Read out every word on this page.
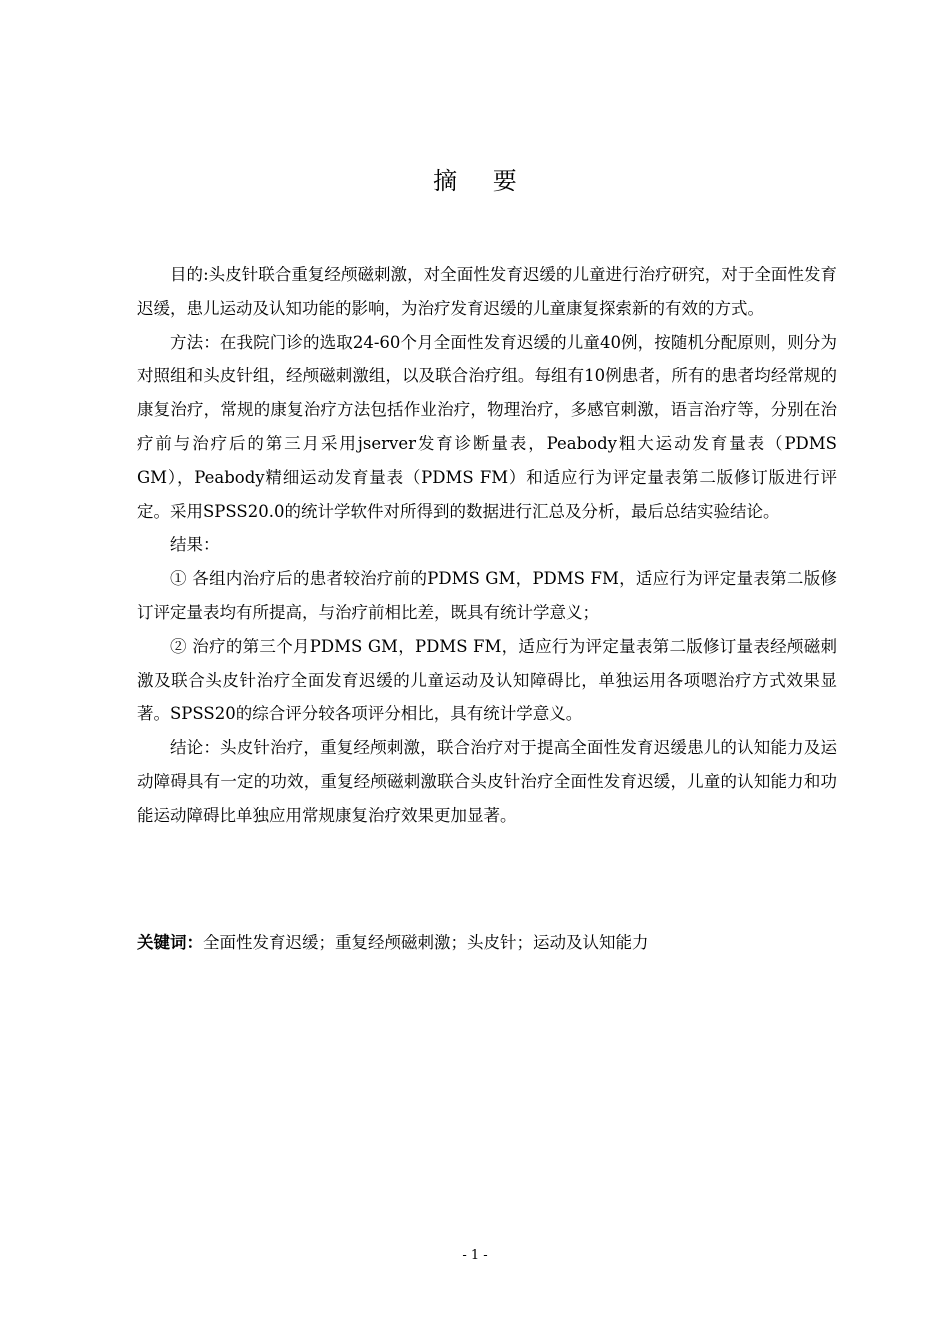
摘 要

目的:头皮针联合重复经颅磁刺激，对全面性发育迟缓的儿童进行治疗研究，对于全面性发育迟缓，患儿运动及认知功能的影响，为治疗发育迟缓的儿童康复探索新的有效的方式。

方法：在我院门诊的选取24-60个月全面性发育迟缓的儿童40例，按随机分配原则，则分为对照组和头皮针组，经颅磁刺激组，以及联合治疗组。每组有10例患者，所有的患者均经常规的康复治疗，常规的康复治疗方法包括作业治疗，物理治疗，多感官刺激，语言治疗等，分别在治疗前与治疗后的第三月采用jserver发育诊断量表，Peabody粗大运动发育量表（PDMS GM），Peabody精细运动发育量表（PDMS FM）和适应行为评定量表第二版修订版进行评定。采用SPSS20.0的统计学软件对所得到的数据进行汇总及分析，最后总结实验结论。

结果：

① 各组内治疗后的患者较治疗前的PDMS GM，PDMS FM，适应行为评定量表第二版修订评定量表均有所提高，与治疗前相比差，既具有统计学意义；

② 治疗的第三个月PDMS GM，PDMS FM，适应行为评定量表第二版修订量表经颅磁刺激及联合头皮针治疗全面发育迟缓的儿童运动及认知障碍比，单独运用各项嗯治疗方式效果显著。SPSS20的综合评分较各项评分相比，具有统计学意义。

结论：头皮针治疗，重复经颅刺激，联合治疗对于提高全面性发育迟缓患儿的认知能力及运动障碍具有一定的功效，重复经颅磁刺激联合头皮针治疗全面性发育迟缓，儿童的认知能力和功能运动障碍比单独应用常规康复治疗效果更加显著。

关键词：全面性发育迟缓；重复经颅磁刺激；头皮针；运动及认知能力
- 1 -
